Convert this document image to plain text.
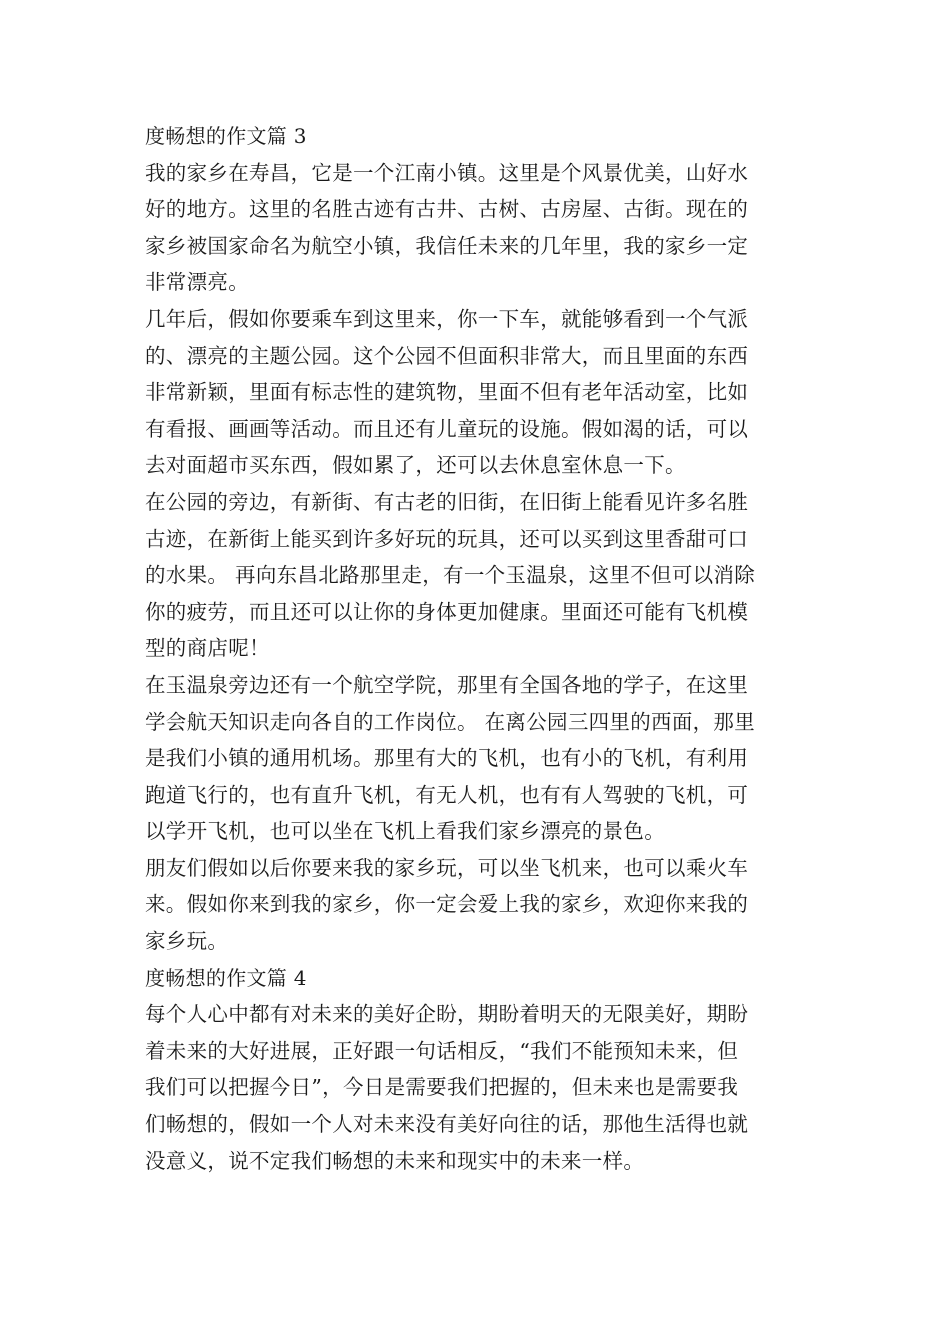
度畅想的作文篇 3
我的家乡在寿昌，它是一个江南小镇。这里是个风景优美，山好水
好的地方。这里的名胜古迹有古井、古树、古房屋、古街。现在的
家乡被国家命名为航空小镇，我信任未来的几年里，我的家乡一定
非常漂亮。
几年后，假如你要乘车到这里来，你一下车，就能够看到一个气派
的、漂亮的主题公园。这个公园不但面积非常大，而且里面的东西
非常新颖，里面有标志性的建筑物，里面不但有老年活动室，比如
有看报、画画等活动。而且还有儿童玩的设施。假如渴的话，可以
去对面超市买东西，假如累了，还可以去休息室休息一下。
在公园的旁边，有新街、有古老的旧街，在旧街上能看见许多名胜
古迹，在新街上能买到许多好玩的玩具，还可以买到这里香甜可口
的水果。 再向东昌北路那里走，有一个玉温泉，这里不但可以消除
你的疲劳，而且还可以让你的身体更加健康。里面还可能有飞机模
型的商店呢！
在玉温泉旁边还有一个航空学院，那里有全国各地的学子，在这里
学会航天知识走向各自的工作岗位。 在离公园三四里的西面，那里
是我们小镇的通用机场。那里有大的飞机，也有小的飞机，有利用
跑道飞行的，也有直升飞机，有无人机，也有有人驾驶的飞机，可
以学开飞机，也可以坐在飞机上看我们家乡漂亮的景色。
朋友们假如以后你要来我的家乡玩，可以坐飞机来，也可以乘火车
来。假如你来到我的家乡，你一定会爱上我的家乡，欢迎你来我的
家乡玩。
度畅想的作文篇 4
每个人心中都有对未来的美好企盼，期盼着明天的无限美好，期盼
着未来的大好进展，正好跟一句话相反，“我们不能预知未来，但
我们可以把握今日”，今日是需要我们把握的，但未来也是需要我
们畅想的，假如一个人对未来没有美好向往的话，那他生活得也就
没意义，说不定我们畅想的未来和现实中的未来一样。
